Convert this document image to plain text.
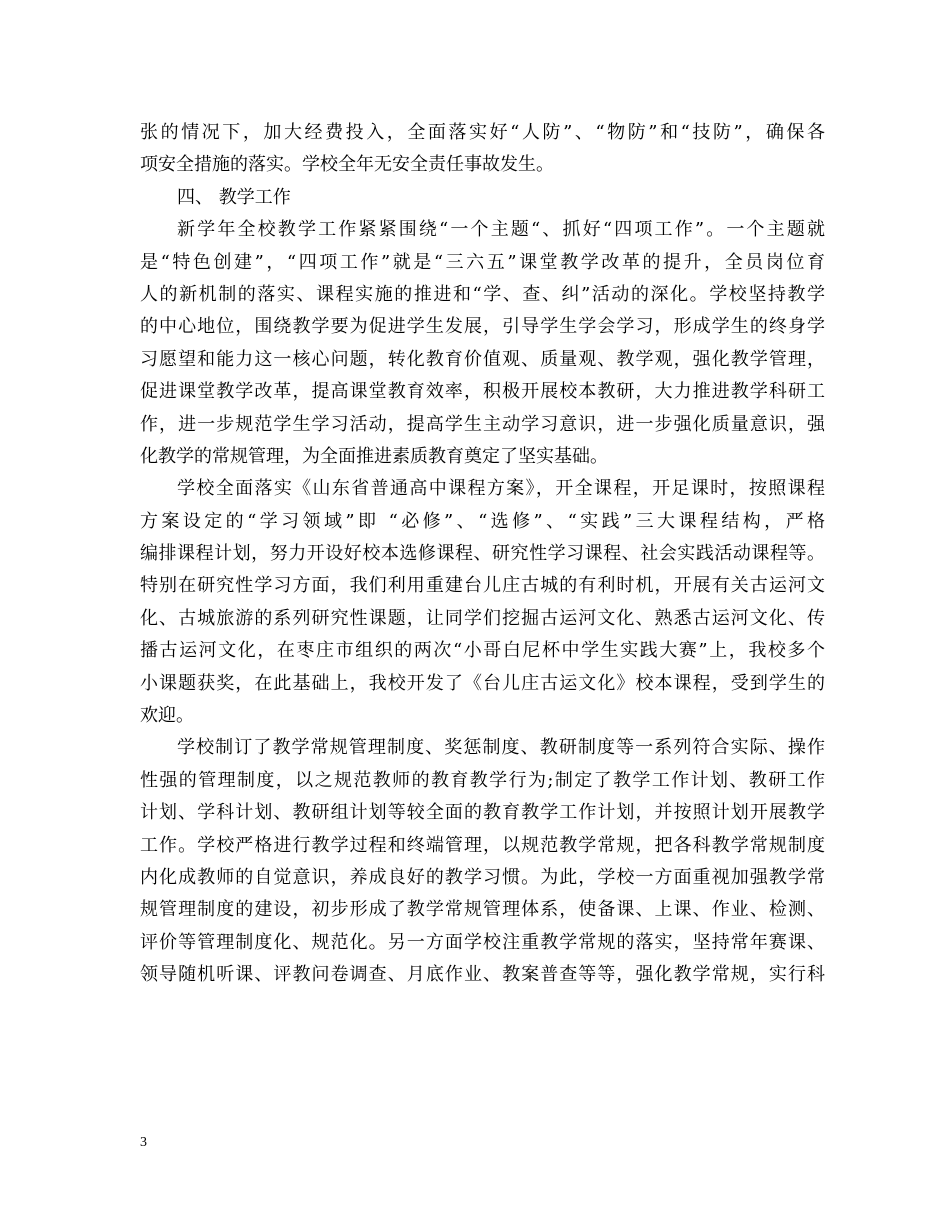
张的情况下，加大经费投入，全面落实好“人防”、“物防”和“技防”，确保各
项安全措施的落实。学校全年无安全责任事故发生。
四、 教学工作
新学年全校教学工作紧紧围绕“一个主题“、抓好“四项工作”。一个主题就
是“特色创建”，“四项工作”就是“三六五”课堂教学改革的提升，全员岗位育
人的新机制的落实、课程实施的推进和“学、查、纠”活动的深化。学校坚持教学
的中心地位，围绕教学要为促进学生发展，引导学生学会学习，形成学生的终身学
习愿望和能力这一核心问题，转化教育价值观、质量观、教学观，强化教学管理，
促进课堂教学改革，提高课堂教育效率，积极开展校本教研，大力推进教学科研工
作，进一步规范学生学习活动，提高学生主动学习意识，进一步强化质量意识，强
化教学的常规管理，为全面推进素质教育奠定了坚实基础。
学校全面落实《山东省普通高中课程方案》，开全课程，开足课时，按照课程
方案设定的“学习领域”即 “必修”、“选修”、“实践”三大课程结构，严格
编排课程计划，努力开设好校本选修课程、研究性学习课程、社会实践活动课程等。
特别在研究性学习方面，我们利用重建台儿庄古城的有利时机，开展有关古运河文
化、古城旅游的系列研究性课题，让同学们挖掘古运河文化、熟悉古运河文化、传
播古运河文化，在枣庄市组织的两次“小哥白尼杯中学生实践大赛”上，我校多个
小课题获奖，在此基础上，我校开发了《台儿庄古运文化》校本课程，受到学生的
欢迎。
学校制订了教学常规管理制度、奖惩制度、教研制度等一系列符合实际、操作
性强的管理制度，以之规范教师的教育教学行为;制定了教学工作计划、教研工作
计划、学科计划、教研组计划等较全面的教育教学工作计划，并按照计划开展教学
工作。学校严格进行教学过程和终端管理，以规范教学常规，把各科教学常规制度
内化成教师的自觉意识，养成良好的教学习惯。为此，学校一方面重视加强教学常
规管理制度的建设，初步形成了教学常规管理体系，使备课、上课、作业、检测、
评价等管理制度化、规范化。另一方面学校注重教学常规的落实，坚持常年赛课、
领导随机听课、评教问卷调查、月底作业、教案普查等等，强化教学常规，实行科
3
